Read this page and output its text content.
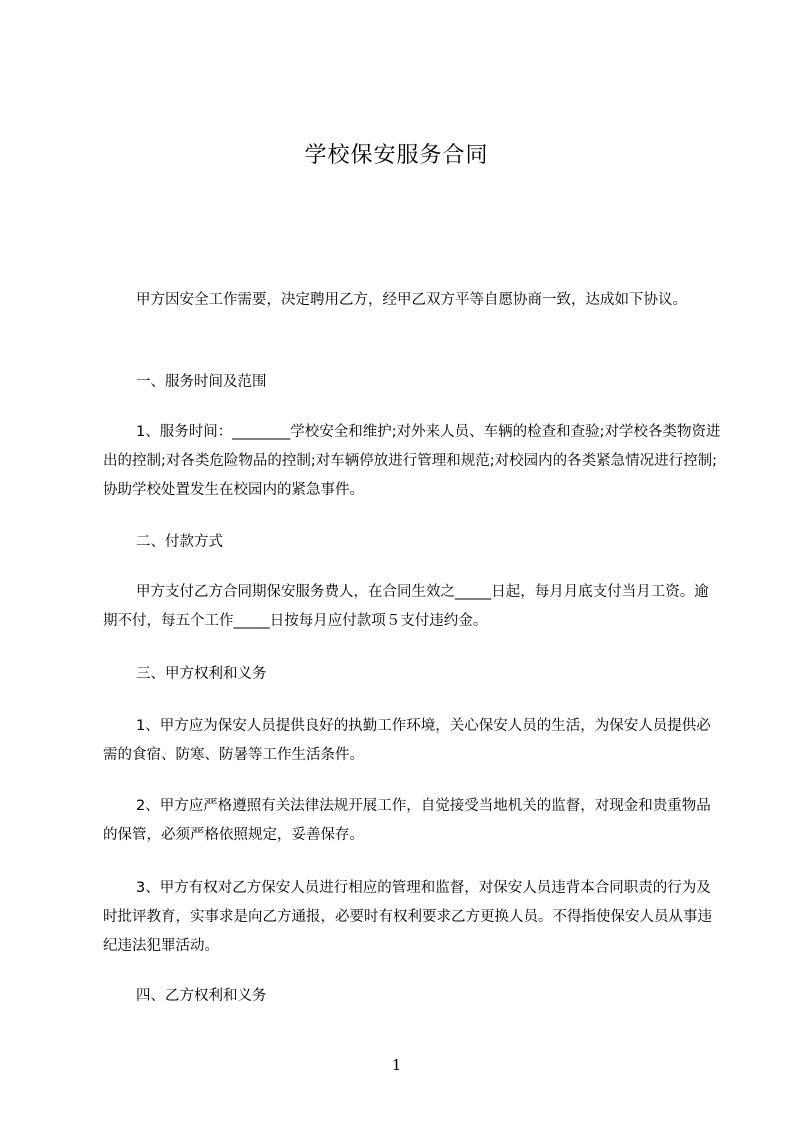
学校保安服务合同

甲方因安全工作需要，决定聘用乙方，经甲乙双方平等自愿协商一致，达成如下协议。

一、服务时间及范围

1、服务时间：________学校安全和维护;对外来人员、车辆的检查和查验;对学校各类物资进出的控制;对各类危险物品的控制;对车辆停放进行管理和规范;对校园内的各类紧急情况进行控制;协助学校处置发生在校园内的紧急事件。

二、付款方式

甲方支付乙方合同期保安服务费人，在合同生效之_____日起，每月月底支付当月工资。逾期不付，每五个工作_____日按每月应付款项５支付违约金。

三、甲方权利和义务

1、甲方应为保安人员提供良好的执勤工作环境，关心保安人员的生活，为保安人员提供必需的食宿、防寒、防暑等工作生活条件。

2、甲方应严格遵照有关法律法规开展工作，自觉接受当地机关的监督，对现金和贵重物品的保管，必须严格依照规定，妥善保存。

3、甲方有权对乙方保安人员进行相应的管理和监督，对保安人员违背本合同职责的行为及时批评教育，实事求是向乙方通报，必要时有权利要求乙方更换人员。不得指使保安人员从事违纪违法犯罪活动。

四、乙方权利和义务
1
